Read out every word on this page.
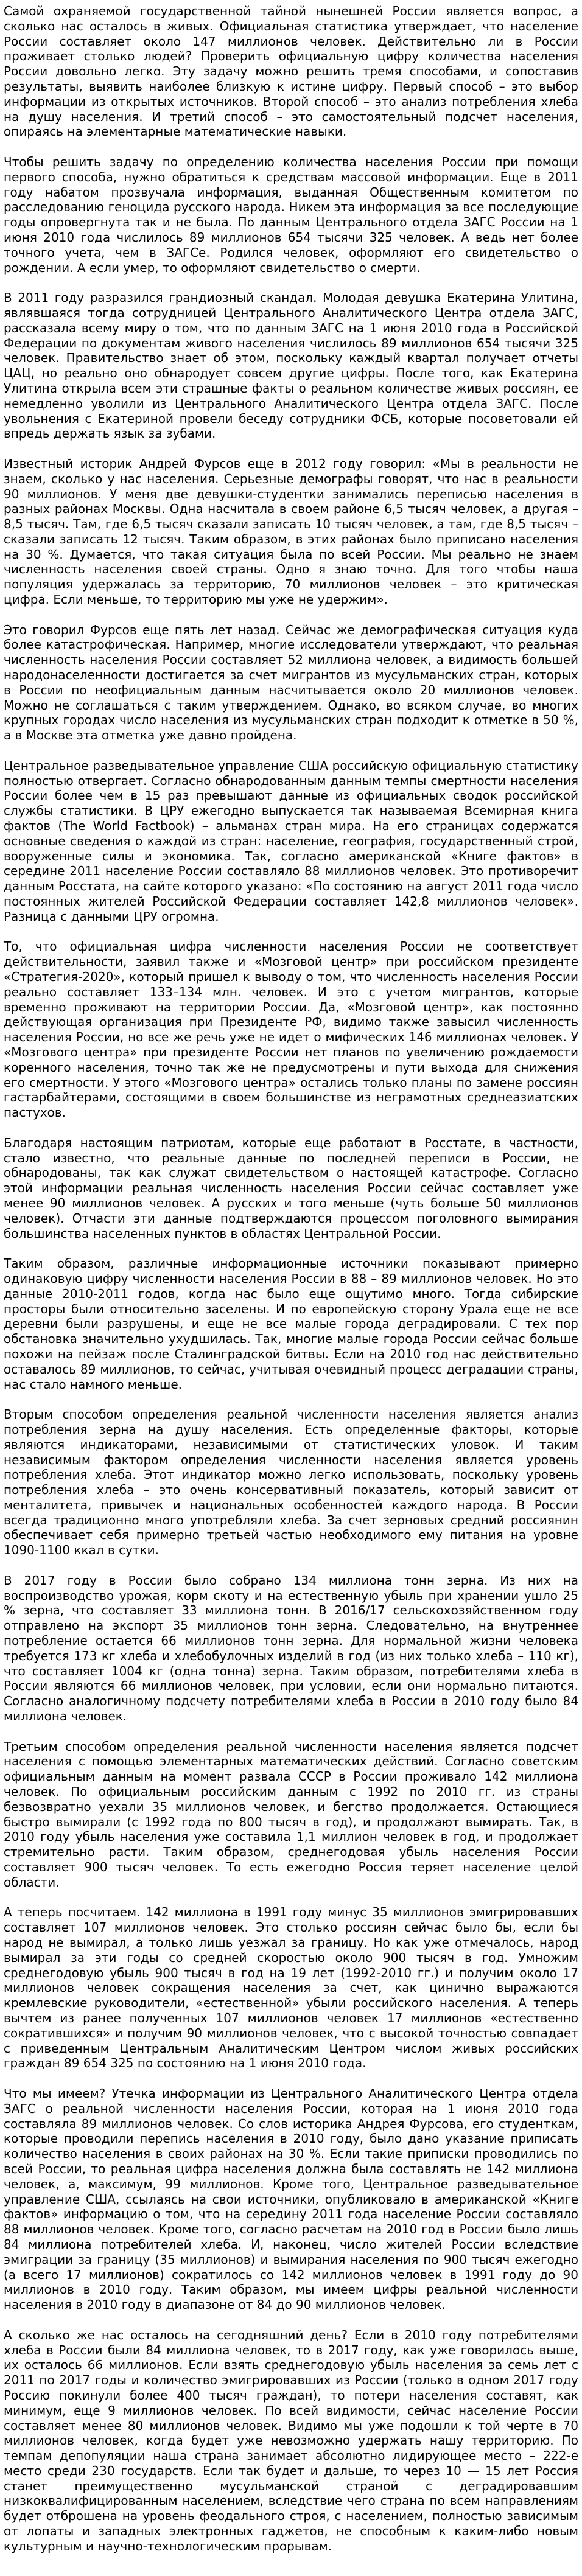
Самой охраняемой государственной тайной нынешней России является вопрос, а сколько нас осталось в живых. Официальная статистика утверждает, что население России составляет около 147 миллионов человек. Действительно ли в России проживает столько людей? Проверить официальную цифру количества населения России довольно легко. Эту задачу можно решить тремя способами, и сопоставив результаты, выявить наиболее близкую к истине цифру. Первый способ – это выбор информации из открытых источников. Второй способ – это анализ потребления хлеба на душу населения. И третий способ – это самостоятельный подсчет населения, опираясь на элементарные математические навыки.

Чтобы решить задачу по определению количества населения России при помощи первого способа, нужно обратиться к средствам массовой информации. Еще в 2011 году набатом прозвучала информация, выданная Общественным комитетом по расследованию геноцида русского народа. Никем эта информация за все последующие годы опровергнута так и не была. По данным Центрального отдела ЗАГС России на 1 июня 2010 года числилось 89 миллионов 654 тысячи 325 человек. А ведь нет более точного учета, чем в ЗАГСе. Родился человек, оформляют его свидетельство о рождении. А если умер, то оформляют свидетельство о смерти.

В 2011 году разразился грандиозный скандал. Молодая девушка Екатерина Улитина, являвшаяся тогда сотрудницей Центрального Аналитического Центра отдела ЗАГС, рассказала всему миру о том, что по данным ЗАГС на 1 июня 2010 года в Российской Федерации по документам живого населения числилось 89 миллионов 654 тысячи 325 человек. Правительство знает об этом, поскольку каждый квартал получает отчеты ЦАЦ, но реально оно обнародует совсем другие цифры. После того, как Екатерина Улитина открыла всем эти страшные факты о реальном количестве живых россиян, ее немедленно уволили из Центрального Аналитического Центра отдела ЗАГС. После увольнения с Екатериной провели беседу сотрудники ФСБ, которые посоветовали ей впредь держать язык за зубами.

Известный историк Андрей Фурсов еще в 2012 году говорил: «Мы в реальности не знаем, сколько у нас населения. Серьезные демографы говорят, что нас в реальности 90 миллионов. У меня две девушки-студентки занимались переписью населения в разных районах Москвы. Одна насчитала в своем районе 6,5 тысяч человек, а другая – 8,5 тысяч. Там, где 6,5 тысяч сказали записать 10 тысяч человек, а там, где 8,5 тысяч – сказали записать 12 тысяч. Таким образом, в этих районах было приписано населения на 30 %. Думается, что такая ситуация была по всей России. Мы реально не знаем численность населения своей страны. Одно я знаю точно. Для того чтобы наша популяция удержалась за территорию, 70 миллионов человек – это критическая цифра. Если меньше, то территорию мы уже не удержим».

Это говорил Фурсов еще пять лет назад. Сейчас же демографическая ситуация куда более катастрофическая. Например, многие исследователи утверждают, что реальная численность населения России составляет 52 миллиона человек, а видимость большей народонаселенности достигается за счет мигрантов из мусульманских стран, которых в России по неофициальным данным насчитывается около 20 миллионов человек. Можно не соглашаться с таким утверждением. Однако, во всяком случае, во многих крупных городах число населения из мусульманских стран подходит к отметке в 50 %, а в Москве эта отметка уже давно пройдена.

Центральное разведывательное управление США российскую официальную статистику полностью отвергает. Согласно обнародованным данным темпы смертности населения России более чем в 15 раз превышают данные из официальных сводок российской службы статистики. В ЦРУ ежегодно выпускается так называемая Всемирная книга фактов (The World Factbook) – альманах стран мира. На его страницах содержатся основные сведения о каждой из стран: население, география, государственный строй, вооруженные силы и экономика. Так, согласно американской «Книге фактов» в середине 2011 население России составляло 88 миллионов человек. Это противоречит данным Росстата, на сайте которого указано: «По состоянию на август 2011 года число постоянных жителей Российской Федерации составляет 142,8 миллионов человек». Разница с данными ЦРУ огромна.

То, что официальная цифра численности населения России не соответствует действительности, заявил также и «Мозговой центр» при российском президенте «Стратегия-2020», который пришел к выводу о том, что численность населения России реально составляет 133–134 млн. человек. И это с учетом мигрантов, которые временно проживают на территории России. Да, «Мозговой центр», как постоянно действующая организация при Президенте РФ, видимо также завысил численность населения России, но все же речь уже не идет о мифических 146 миллионах человек. У «Мозгового центра» при президенте России нет планов по увеличению рождаемости коренного населения, точно так же не предусмотрены и пути выхода для снижения его смертности. У этого «Мозгового центра» остались только планы по замене россиян гастарбайтерами, состоящими в своем большинстве из неграмотных среднеазиатских пастухов.

Благодаря настоящим патриотам, которые еще работают в Росстате, в частности, стало известно, что реальные данные по последней переписи в России, не обнародованы, так как служат свидетельством о настоящей катастрофе. Согласно этой информации реальная численность населения России сейчас составляет уже менее 90 миллионов человек. А русских и того меньше (чуть больше 50 миллионов человек). Отчасти эти данные подтверждаются процессом поголовного вымирания большинства населенных пунктов в областях Центральной России.

Таким образом, различные информационные источники показывают примерно одинаковую цифру численности населения России в 88 – 89 миллионов человек. Но это данные 2010-2011 годов, когда нас было еще ощутимо много. Тогда сибирские просторы были относительно заселены. И по европейскую сторону Урала еще не все деревни были разрушены, и еще не все малые города деградировали. С тех пор обстановка значительно ухудшилась. Так, многие малые города России сейчас больше похожи на пейзаж после Сталинградской битвы. Если на 2010 год нас действительно оставалось 89 миллионов, то сейчас, учитывая очевидный процесс деградации страны, нас стало намного меньше.

Вторым способом определения реальной численности населения является анализ потребления зерна на душу населения. Есть определенные факторы, которые являются индикаторами, независимыми от статистических уловок. И таким независимым фактором определения численности населения является уровень потребления хлеба. Этот индикатор можно легко использовать, поскольку уровень потребления хлеба – это очень консервативный показатель, который зависит от менталитета, привычек и национальных особенностей каждого народа. В России всегда традиционно много употребляли хлеба. За счет зерновых средний россиянин обеспечивает себя примерно третьей частью необходимого ему питания на уровне 1090-1100 ккал в сутки.

В 2017 году в России было собрано 134 миллиона тонн зерна. Из них на воспроизводство урожая, корм скоту и на естественную убыль при хранении ушло 25 % зерна, что составляет 33 миллиона тонн. В 2016/17 сельскохозяйственном году отправлено на экспорт 35 миллионов тонн зерна. Следовательно, на внутреннее потребление остается 66 миллионов тонн зерна. Для нормальной жизни человека требуется 173 кг хлеба и хлебобулочных изделий в год (из них только хлеба – 110 кг), что составляет 1004 кг (одна тонна) зерна. Таким образом, потребителями хлеба в России являются 66 миллионов человек, при условии, если они нормально питаются. Согласно аналогичному подсчету потребителями хлеба в России в 2010 году было 84 миллиона человек.

Третьим способом определения реальной численности населения является подсчет населения с помощью элементарных математических действий. Согласно советским официальным данным на момент развала СССР в России проживало 142 миллиона человек. По официальным российским данным с 1992 по 2010 гг. из страны безвозвратно уехали 35 миллионов человек, и бегство продолжается. Остающиеся быстро вымирали (с 1992 года по 800 тысяч в год), и продолжают вымирать. Так, в 2010 году убыль населения уже составила 1,1 миллион человек в год, и продолжает стремительно расти. Таким образом, среднегодовая убыль населения России составляет 900 тысяч человек. То есть ежегодно Россия теряет население целой области.

А теперь посчитаем. 142 миллиона в 1991 году минус 35 миллионов эмигрировавших составляет 107 миллионов человек. Это столько россиян сейчас было бы, если бы народ не вымирал, а только лишь уезжал за границу. Но как уже отмечалось, народ вымирал за эти годы со средней скоростью около 900 тысяч в год. Умножим среднегодовую убыль 900 тысяч в год на 19 лет (1992-2010 гг.) и получим около 17 миллионов человек сокращения населения за счет, как цинично выражаются кремлевские руководители, «естественной» убыли российского населения. А теперь вычтем из ранее полученных 107 миллионов человек 17 миллионов «естественно сократившихся» и получим 90 миллионов человек, что с высокой точностью совпадает с приведенным Центральным Аналитическим Центром числом живых российских граждан 89 654 325 по состоянию на 1 июня 2010 года.

Что мы имеем? Утечка информации из Центрального Аналитического Центра отдела ЗАГС о реальной численности населения России, которая на 1 июня 2010 года составляла 89 миллионов человек. Со слов историка Андрея Фурсова, его студенткам, которые проводили перепись населения в 2010 году, было дано указание приписать количество населения в своих районах на 30 %. Если такие приписки проводились по всей России, то реальная цифра населения должна была составлять не 142 миллиона человек, а, максимум, 99 миллионов. Кроме того, Центральное разведывательное управление США, ссылаясь на свои источники, опубликовало в американской «Книге фактов» информацию о том, что на середину 2011 года население России составляло 88 миллионов человек. Кроме того, согласно расчетам на 2010 год в России было лишь 84 миллиона потребителей хлеба. И, наконец, число жителей России вследствие эмиграции за границу (35 миллионов) и вымирания населения по 900 тысяч ежегодно (а всего 17 миллионов) сократилось со 142 миллионов человек в 1991 году до 90 миллионов в 2010 году. Таким образом, мы имеем цифры реальной численности населения в 2010 году в диапазоне от 84 до 90 миллионов человек.

А сколько же нас осталось на сегодняшний день? Если в 2010 году потребителями хлеба в России были 84 миллиона человек, то в 2017 году, как уже говорилось выше, их осталось 66 миллионов. Если взять среднегодовую убыль населения за семь лет с 2011 по 2017 годы и количество эмигрировавших из России (только в одном 2017 году Россию покинули более 400 тысяч граждан), то потери населения составят, как минимум, еще 9 миллионов человек. По всей видимости, сейчас население России составляет менее 80 миллионов человек. Видимо мы уже подошли к той черте в 70 миллионов человек, когда будет уже невозможно удержать нашу территорию. По темпам депопуляции наша страна занимает абсолютно лидирующее место – 222-е место среди 230 государств. Если так будет и дальше, то через 10 — 15 лет Россия станет преимущественно мусульманской страной с деградировавшим низкоквалифицированным населением, вследствие чего страна по всем направлениям будет отброшена на уровень феодального строя, с населением, полностью зависимым от лопаты и западных электронных гаджетов, не способным к каким-либо новым культурным и научно-технологическим прорывам.
